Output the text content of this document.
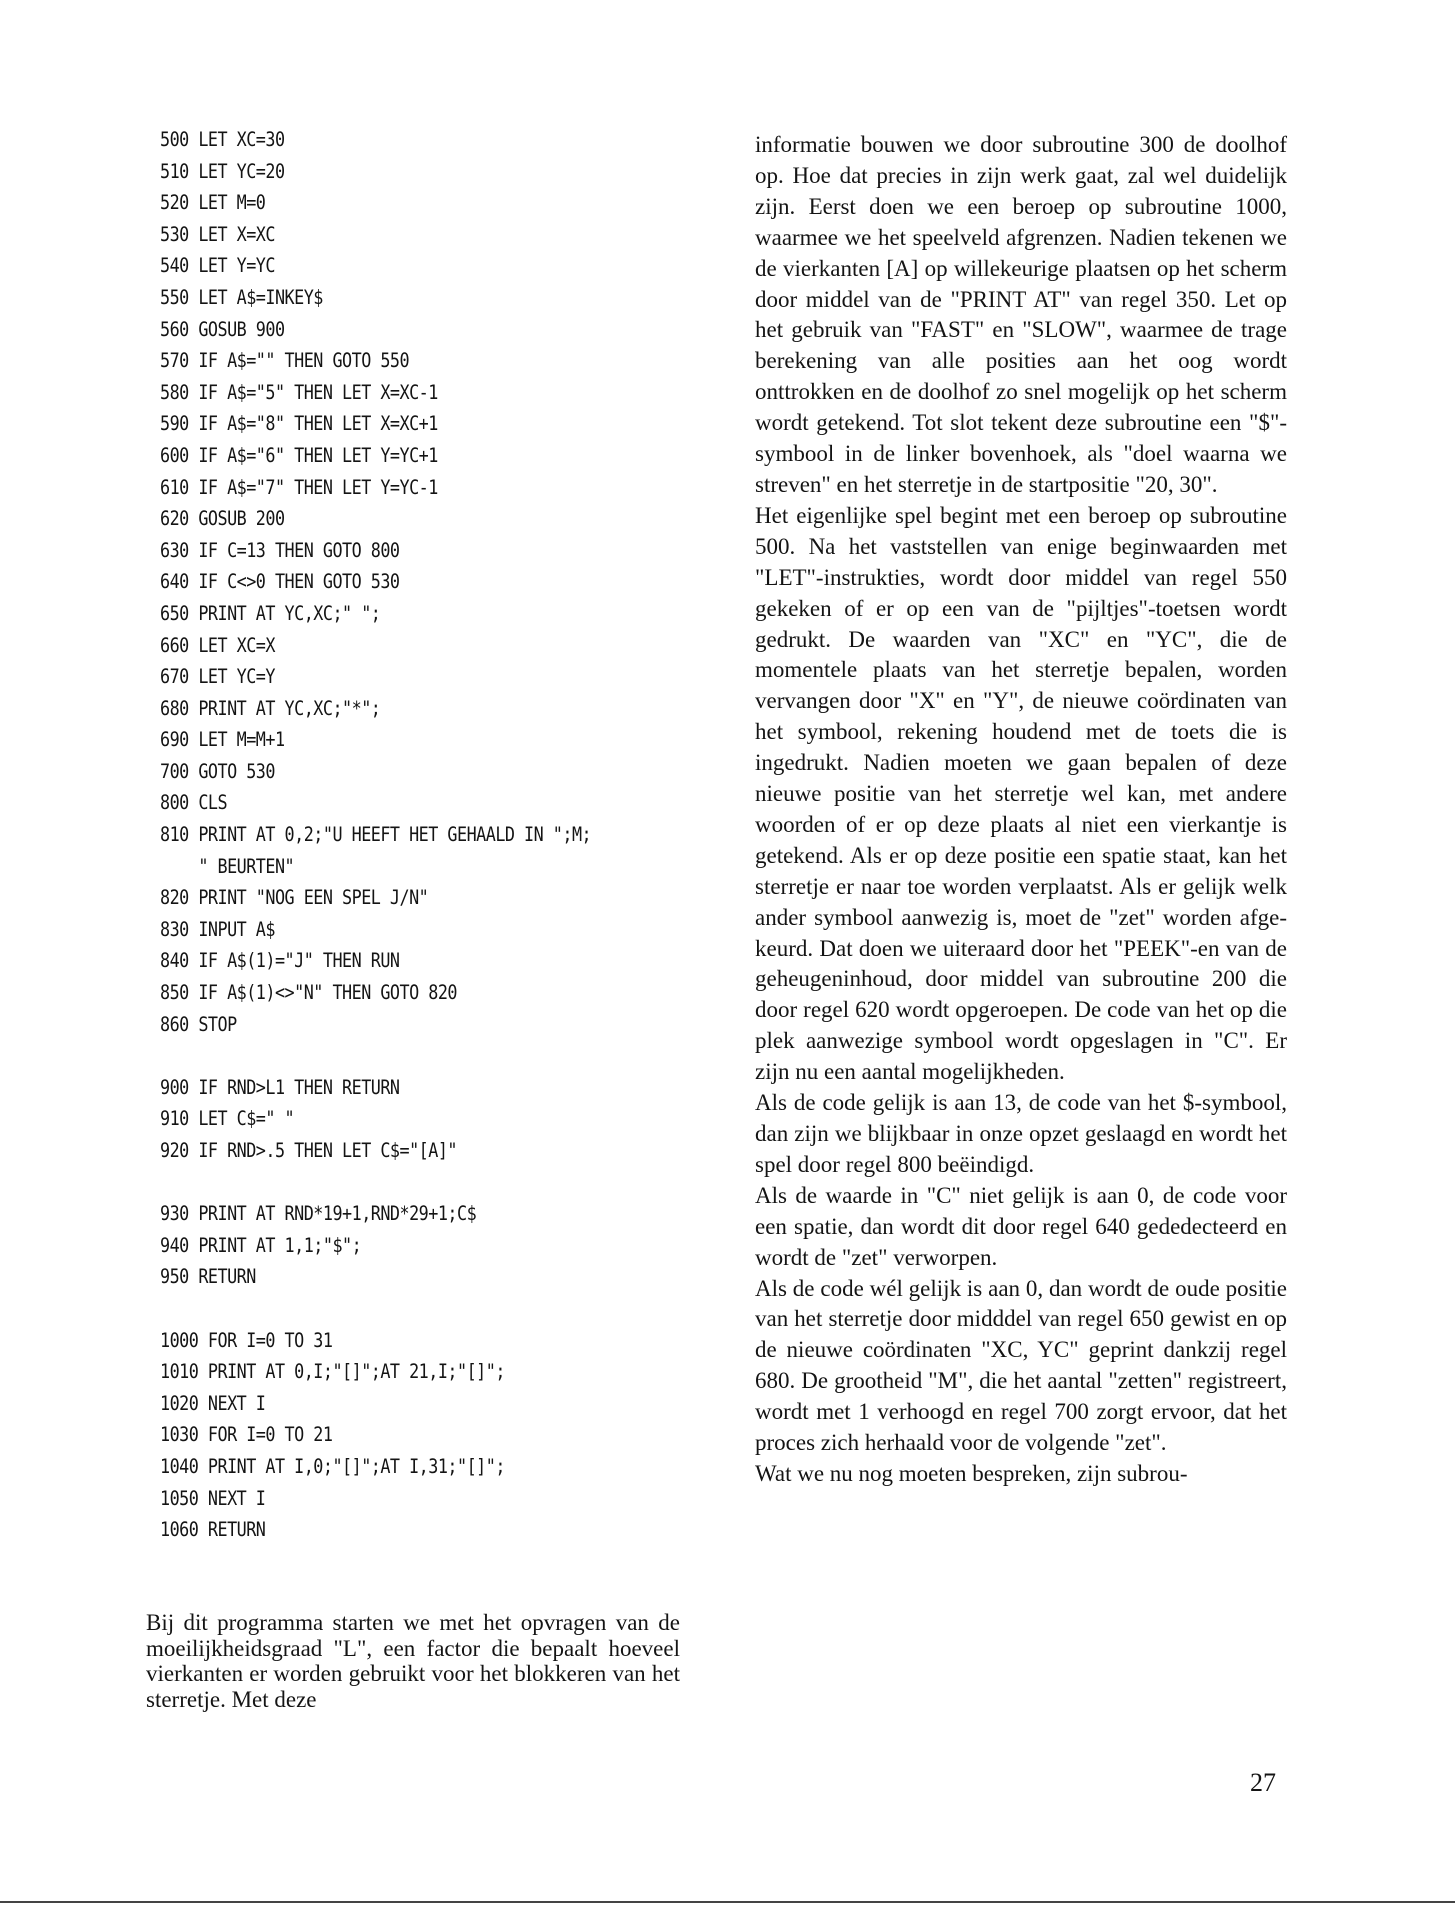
500 LET XC=30
510 LET YC=20
520 LET M=0
530 LET X=XC
540 LET Y=YC
550 LET A$=INKEY$
560 GOSUB 900
570 IF A$="" THEN GOTO 550
580 IF A$="5" THEN LET X=XC-1
590 IF A$="8" THEN LET X=XC+1
600 IF A$="6" THEN LET Y=YC+1
610 IF A$="7" THEN LET Y=YC-1
620 GOSUB 200
630 IF C=13 THEN GOTO 800
640 IF C<>0 THEN GOTO 530
650 PRINT AT YC,XC;" ";
660 LET XC=X
670 LET YC=Y
680 PRINT AT YC,XC;"*";
690 LET M=M+1
700 GOTO 530
800 CLS
810 PRINT AT 0,2;"U HEEFT HET GEHAALD IN ";M;
" BEURTEN"
820 PRINT "NOG EEN SPEL J/N"
830 INPUT A$
840 IF A$(1)="J" THEN RUN
850 IF A$(1)<>"N" THEN GOTO 820
860 STOP
900 IF RND>L1 THEN RETURN
910 LET C$=" "
920 IF RND>.5 THEN LET C$="[A]"
930 PRINT AT RND*19+1,RND*29+1;C$
940 PRINT AT 1,1;"$";
950 RETURN
1000 FOR I=0 TO 31
1010 PRINT AT 0,I;"[]";AT 21,I;"[]";
1020 NEXT I
1030 FOR I=0 TO 21
1040 PRINT AT I,0;"[]";AT I,31;"[]";
1050 NEXT I
1060 RETURN

Bij dit programma starten we met het opvragen van de moeilijkheidsgraad "L", een factor die bepaalt hoeveel vierkanten er worden gebruikt voor het blokkeren van het sterretje. Met deze

informatie bouwen we door subroutine 300 de doolhof op. Hoe dat precies in zijn werk gaat, zal wel duidelijk zijn. Eerst doen we een beroep op subroutine 1000, waarmee we het speelveld afgrenzen. Nadien tekenen we de vierkanten [A] op willekeurige plaatsen op het scherm door middel van de "PRINT AT" van regel 350. Let op het gebruik van "FAST" en "SLOW", waarmee de trage berekening van alle posities aan het oog wordt onttrokken en de doolhof zo snel mogelijk op het scherm wordt getekend. Tot slot tekent deze subroutine een "$"-symbool in de linker bovenhoek, als "doel waarna we streven" en het sterretje in de startpositie "20, 30".

Het eigenlijke spel begint met een beroep op subroutine 500. Na het vaststellen van enige beginwaarden met "LET"-instrukties, wordt door middel van regel 550 gekeken of er op een van de "pijltjes"-toetsen wordt gedrukt. De waarden van "XC" en "YC", die de momentele plaats van het sterretje bepalen, worden vervangen door "X" en "Y", de nieuwe coördinaten van het symbool, rekening houdend met de toets die is ingedrukt. Nadien moeten we gaan bepalen of deze nieuwe positie van het sterretje wel kan, met andere woorden of er op deze plaats al niet een vierkantje is getekend. Als er op deze positie een spatie staat, kan het sterretje er naar toe worden verplaatst. Als er gelijk welk ander symbool aanwezig is, moet de "zet" worden afgekeurd. Dat doen we uiteraard door het "PEEK"-en van de geheugeninhoud, door middel van subroutine 200 die door regel 620 wordt opgeroepen. De code van het op die plek aanwezige symbool wordt opgeslagen in "C". Er zijn nu een aantal mogelijkheden.

Als de code gelijk is aan 13, de code van het $-symbool, dan zijn we blijkbaar in onze opzet geslaagd en wordt het spel door regel 800 beëindigd.

Als de waarde in "C" niet gelijk is aan 0, de code voor een spatie, dan wordt dit door regel 640 gededecteerd en wordt de "zet" verworpen.

Als de code wél gelijk is aan 0, dan wordt de oude positie van het sterretje door midddel van regel 650 gewist en op de nieuwe coördinaten "XC, YC" geprint dankzij regel 680. De grootheid "M", die het aantal "zetten" registreert, wordt met 1 verhoogd en regel 700 zorgt ervoor, dat het proces zich herhaald voor de volgende "zet".

Wat we nu nog moeten bespreken, zijn subrou-

27
